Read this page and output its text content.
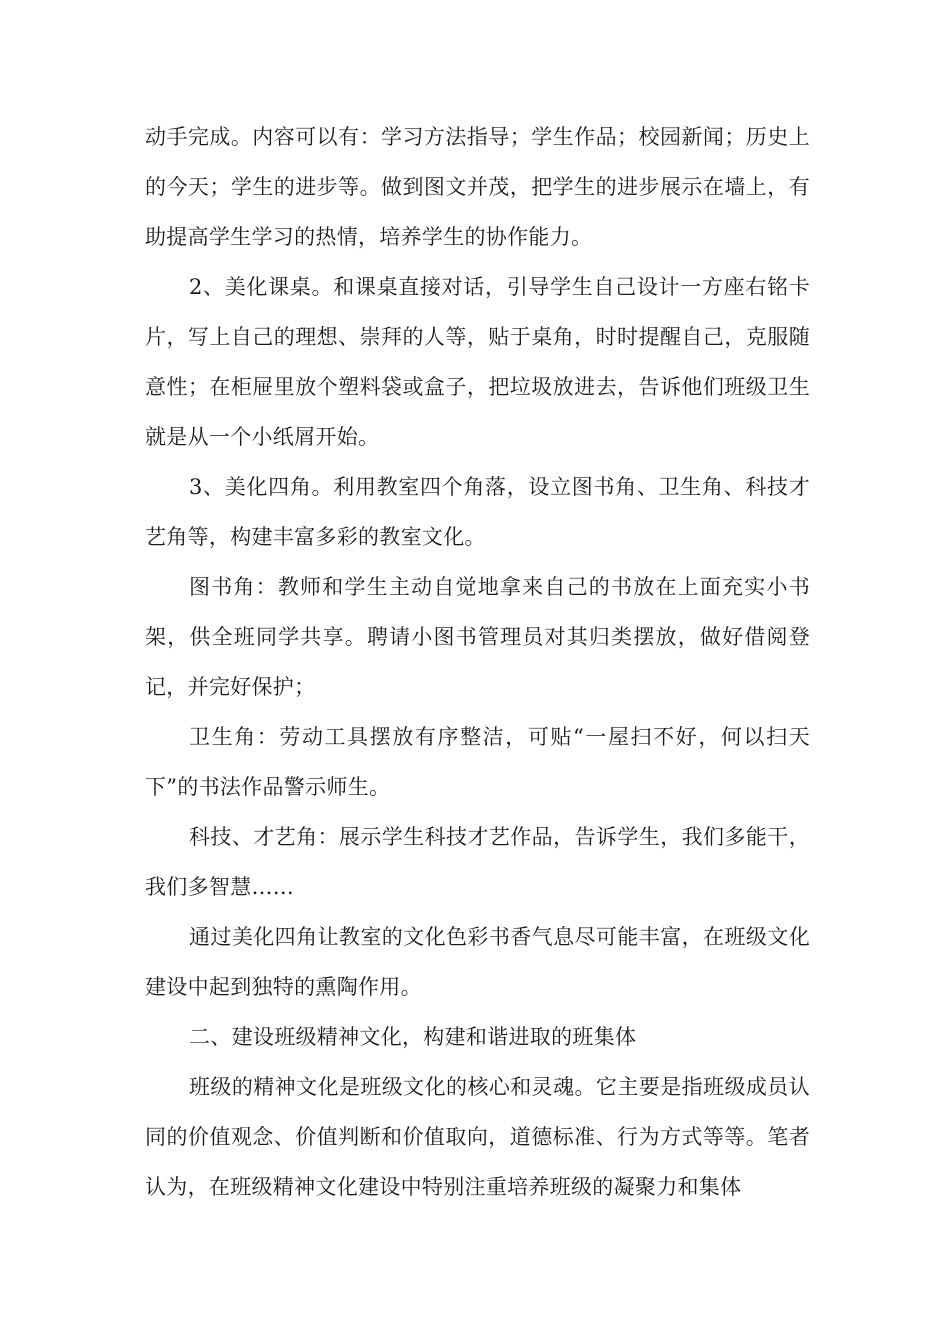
动手完成。内容可以有：学习方法指导；学生作品；校园新闻；历史上的今天；学生的进步等。做到图文并茂，把学生的进步展示在墙上，有助提高学生学习的热情，培养学生的协作能力。

2、美化课桌。和课桌直接对话，引导学生自己设计一方座右铭卡片，写上自己的理想、崇拜的人等，贴于桌角，时时提醒自己，克服随意性；在柜屉里放个塑料袋或盒子，把垃圾放进去，告诉他们班级卫生就是从一个小纸屑开始。

3、美化四角。利用教室四个角落，设立图书角、卫生角、科技才艺角等，构建丰富多彩的教室文化。

图书角：教师和学生主动自觉地拿来自己的书放在上面充实小书架，供全班同学共享。聘请小图书管理员对其归类摆放，做好借阅登记，并完好保护；

卫生角：劳动工具摆放有序整洁，可贴“一屋扫不好，何以扫天下”的书法作品警示师生。

科技、才艺角：展示学生科技才艺作品，告诉学生，我们多能干，我们多智慧……

通过美化四角让教室的文化色彩书香气息尽可能丰富，在班级文化建设中起到独特的熏陶作用。

二、建设班级精神文化，构建和谐进取的班集体

班级的精神文化是班级文化的核心和灵魂。它主要是指班级成员认同的价值观念、价值判断和价值取向，道德标准、行为方式等等。笔者认为，在班级精神文化建设中特别注重培养班级的凝聚力和集体
